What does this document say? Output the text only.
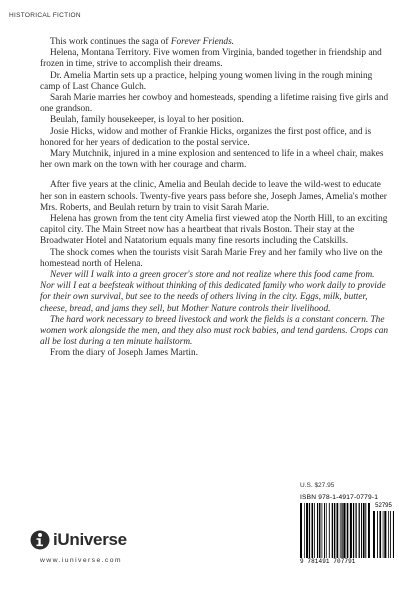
HISTORICAL FICTION

This work continues the saga of Forever Friends.

Helena, Montana Territory. Five women from Virginia, banded together in friendship and frozen in time, strive to accomplish their dreams.

Dr. Amelia Martin sets up a practice, helping young women living in the rough mining camp of Last Chance Gulch.

Sarah Marie marries her cowboy and homesteads, spending a lifetime raising five girls and one grandson.

Beulah, family housekeeper, is loyal to her position.

Josie Hicks, widow and mother of Frankie Hicks, organizes the first post office, and is honored for her years of dedication to the postal service.

Mary Mutchnik, injured in a mine explosion and sentenced to life in a wheel chair, makes her own mark on the town with her courage and charm.

After five years at the clinic, Amelia and Beulah decide to leave the wild-west to educate her son in eastern schools. Twenty-five years pass before she, Joseph James, Amelia's mother Mrs. Roberts, and Beulah return by train to visit Sarah Marie.

Helena has grown from the tent city Amelia first viewed atop the North Hill, to an exciting capitol city. The Main Street now has a heartbeat that rivals Boston. Their stay at the Broadwater Hotel and Natatorium equals many fine resorts including the Catskills.

The shock comes when the tourists visit Sarah Marie Frey and her family who live on the homestead north of Helena.

Never will I walk into a green grocer's store and not realize where this food came from. Nor will I eat a beefsteak without thinking of this dedicated family who work daily to provide for their own survival, but see to the needs of others living in the city. Eggs, milk, butter, cheese, bread, and jams they sell, but Mother Nature controls their livelihood.

The hard work necessary to breed livestock and work the fields is a constant concern. The women work alongside the men, and they also must rock babies, and tend gardens. Crops can all be lost during a ten minute hailstorm.

From the diary of Joseph James Martin.

U.S. $27.95
ISBN 978-1-4917-0779-1
52795
9 781491 707791
iUniverse
www.iuniverse.com
